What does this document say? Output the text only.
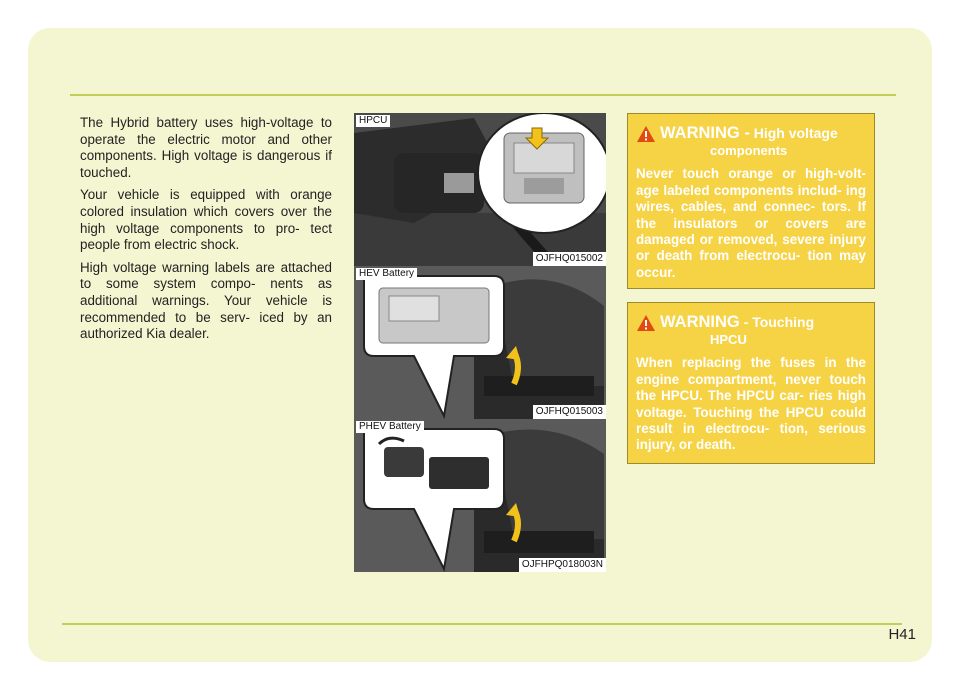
The Hybrid battery uses high-voltage to operate the electric motor and other components. High voltage is dangerous if touched.

Your vehicle is equipped with orange colored insulation which covers over the high voltage components to pro- tect people from electric shock.

High voltage warning labels are attached to some system compo- nents as additional warnings. Your vehicle is recommended to be serv- iced by an authorized Kia dealer.

HPCU
OJFHQ015002
HEV Battery
OJFHQ015003
PHEV Battery
OJFHPQ018003N
WARNING - High voltage
components
Never touch orange or high-volt- age labeled components includ- ing wires, cables, and connec- tors. If the insulators or covers are damaged or removed, severe injury or death from electrocu- tion may occur.
WARNING - Touching
HPCU
When replacing the fuses in the engine compartment, never touch the HPCU. The HPCU car- ries high voltage. Touching the HPCU could result in electrocu- tion, serious injury, or death.
H41
